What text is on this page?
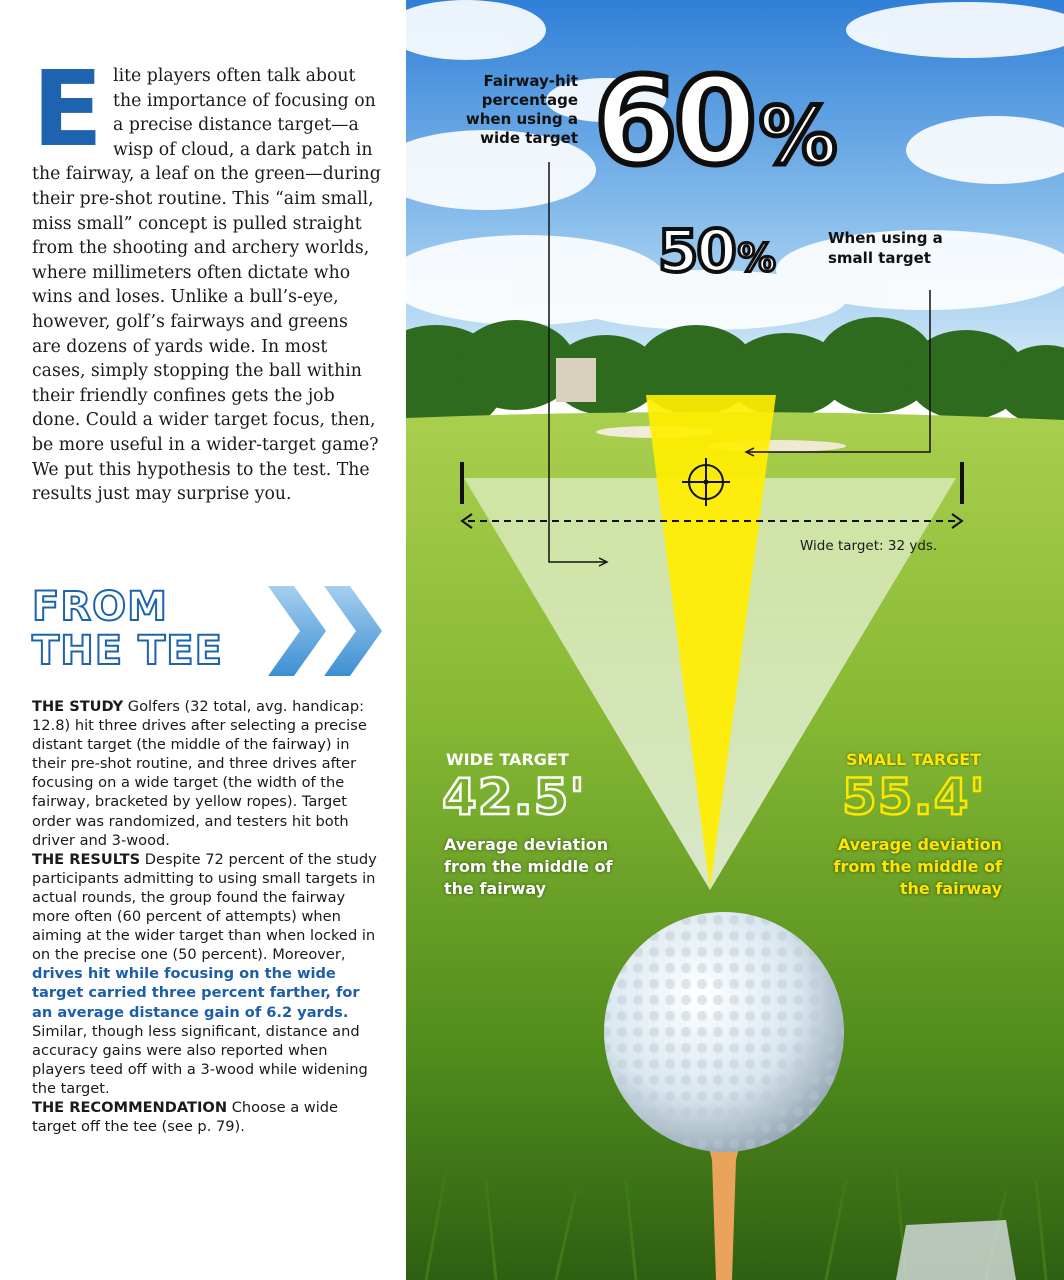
Elite players often talk about the importance of focusing on a precise distance target—a wisp of cloud, a dark patch in the fairway, a leaf on the green—during their pre-shot routine. This “aim small, miss small” concept is pulled straight from the shooting and archery worlds, where millimeters often dictate who wins and loses. Unlike a bull’s-eye, however, golf’s fairways and greens are dozens of yards wide. In most cases, simply stopping the ball within their friendly confines gets the job done. Could a wider target focus, then, be more useful in a wider-target game? We put this hypothesis to the test. The results just may surprise you.
FROM
THE TEE

THE STUDY Golfers (32 total, avg. handicap: 12.8) hit three drives after selecting a precise distant target (the middle of the fairway) in their pre-shot routine, and three drives after focusing on a wide target (the width of the fairway, bracketed by yellow ropes). Target order was randomized, and testers hit both driver and 3-wood.

THE RESULTS Despite 72 percent of the study participants admitting to using small targets in actual rounds, the group found the fairway more often (60 percent of attempts) when aiming at the wider target than when locked in on the precise one (50 percent). Moreover, drives hit while focusing on the wide target carried three percent farther, for an average distance gain of 6.2 yards. Similar, though less significant, distance and accuracy gains were also reported when players teed off with a 3-wood while widening the target.

THE RECOMMENDATION Choose a wide target off the tee (see p. 79).

Fairway-hit percentage when using a wide target 60%
50%	When using a small target
Wide target: 32 yds.
WIDE TARGET
42.5'
Average deviation from the middle of the fairway
SMALL TARGET
55.4'
Average deviation from the middle of the fairway
